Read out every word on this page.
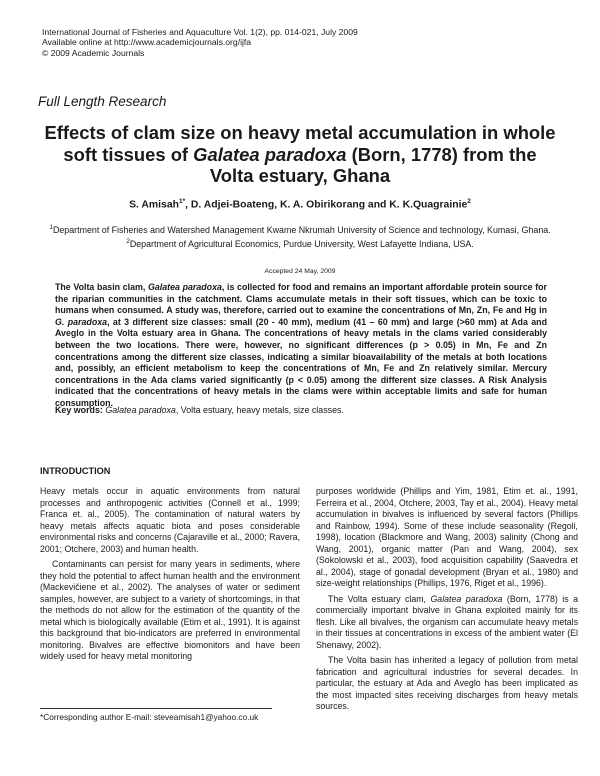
International Journal of Fisheries and Aquaculture Vol. 1(2), pp. 014-021, July 2009
Available online at http://www.academicjournals.org/ijfa
© 2009 Academic Journals
Full Length Research
Effects of clam size on heavy metal accumulation in whole soft tissues of Galatea paradoxa (Born, 1778) from the Volta estuary, Ghana
S. Amisah$^{1*}$, D. Adjei-Boateng, K. A. Obirikorang and K. K.Quagrainie$^2$
$^1$Department of Fisheries and Watershed Management Kwame Nkrumah University of Science and technology, Kumasi, Ghana.
$^2$Department of Agricultural Economics, Purdue University, West Lafayette Indiana, USA.
Accepted 24 May, 2009
The Volta basin clam, Galatea paradoxa, is collected for food and remains an important affordable protein source for the riparian communities in the catchment. Clams accumulate metals in their soft tissues, which can be toxic to humans when consumed. A study was, therefore, carried out to examine the concentrations of Mn, Zn, Fe and Hg in G. paradoxa, at 3 different size classes: small (20 - 40 mm), medium (41 – 60 mm) and large (>60 mm) at Ada and Aveglo in the Volta estuary area in Ghana. The concentrations of heavy metals in the clams varied considerably between the two locations. There were, however, no significant differences (p > 0.05) in Mn, Fe and Zn concentrations among the different size classes, indicating a similar bioavailability of the metals at both locations and, possibly, an efficient metabolism to keep the concentrations of Mn, Fe and Zn relatively similar. Mercury concentrations in the Ada clams varied significantly (p < 0.05) among the different size classes. A Risk Analysis indicated that the concentrations of heavy metals in the clams were within acceptable limits and safe for human consumption.
Key words: Galatea paradoxa, Volta estuary, heavy metals, size classes.
INTRODUCTION

Heavy metals occur in aquatic environments from natural processes and anthropogenic activities (Connell et al., 1999; Franca et. al., 2005). The contamination of natural waters by heavy metals affects aquatic biota and poses considerable environmental risks and concerns (Cajaraville et al., 2000; Ravera, 2001; Otchere, 2003) and human health.

Contaminants can persist for many years in sediments, where they hold the potential to affect human health and the environment (Mackevičiene et al., 2002). The analyses of water or sediment samples, however, are subject to a variety of shortcomings, in that the methods do not allow for the estimation of the quantity of the metal which is biologically available (Etim et al., 1991). It is against this background that bio-indicators are preferred in environmental monitoring. Bivalves are effective biomonitors and have been widely used for heavy metal monitoring

purposes worldwide (Phillips and Yim, 1981, Etim et. al., 1991, Ferreira et al., 2004, Otchere, 2003, Tay et al., 2004). Heavy metal accumulation in bivalves is influenced by several factors (Phillips and Rainbow, 1994). Some of these include seasonality (Regoli, 1998), location (Blackmore and Wang, 2003) salinity (Chong and Wang, 2001), organic matter (Pan and Wang, 2004), sex (Sokolowski et al., 2003), food acquisition capability (Saavedra et al., 2004), stage of gonadal development (Bryan et al., 1980) and size-weight relationships (Phillips, 1976, Riget et al., 1996).

The Volta estuary clam, Galatea paradoxa (Born, 1778) is a commercially important bivalve in Ghana exploited mainly for its flesh. Like all bivalves, the organism can accumulate heavy metals in their tissues at concentrations in excess of the ambient water (El Shenawy, 2002).

The Volta basin has inherited a legacy of pollution from metal fabrication and agricultural industries for several decades. In particular, the estuary at Ada and Aveglo has been implicated as the most impacted sites receiving discharges from heavy metals sources.

*Corresponding author E-mail: steveamisah1@yahoo.co.uk
